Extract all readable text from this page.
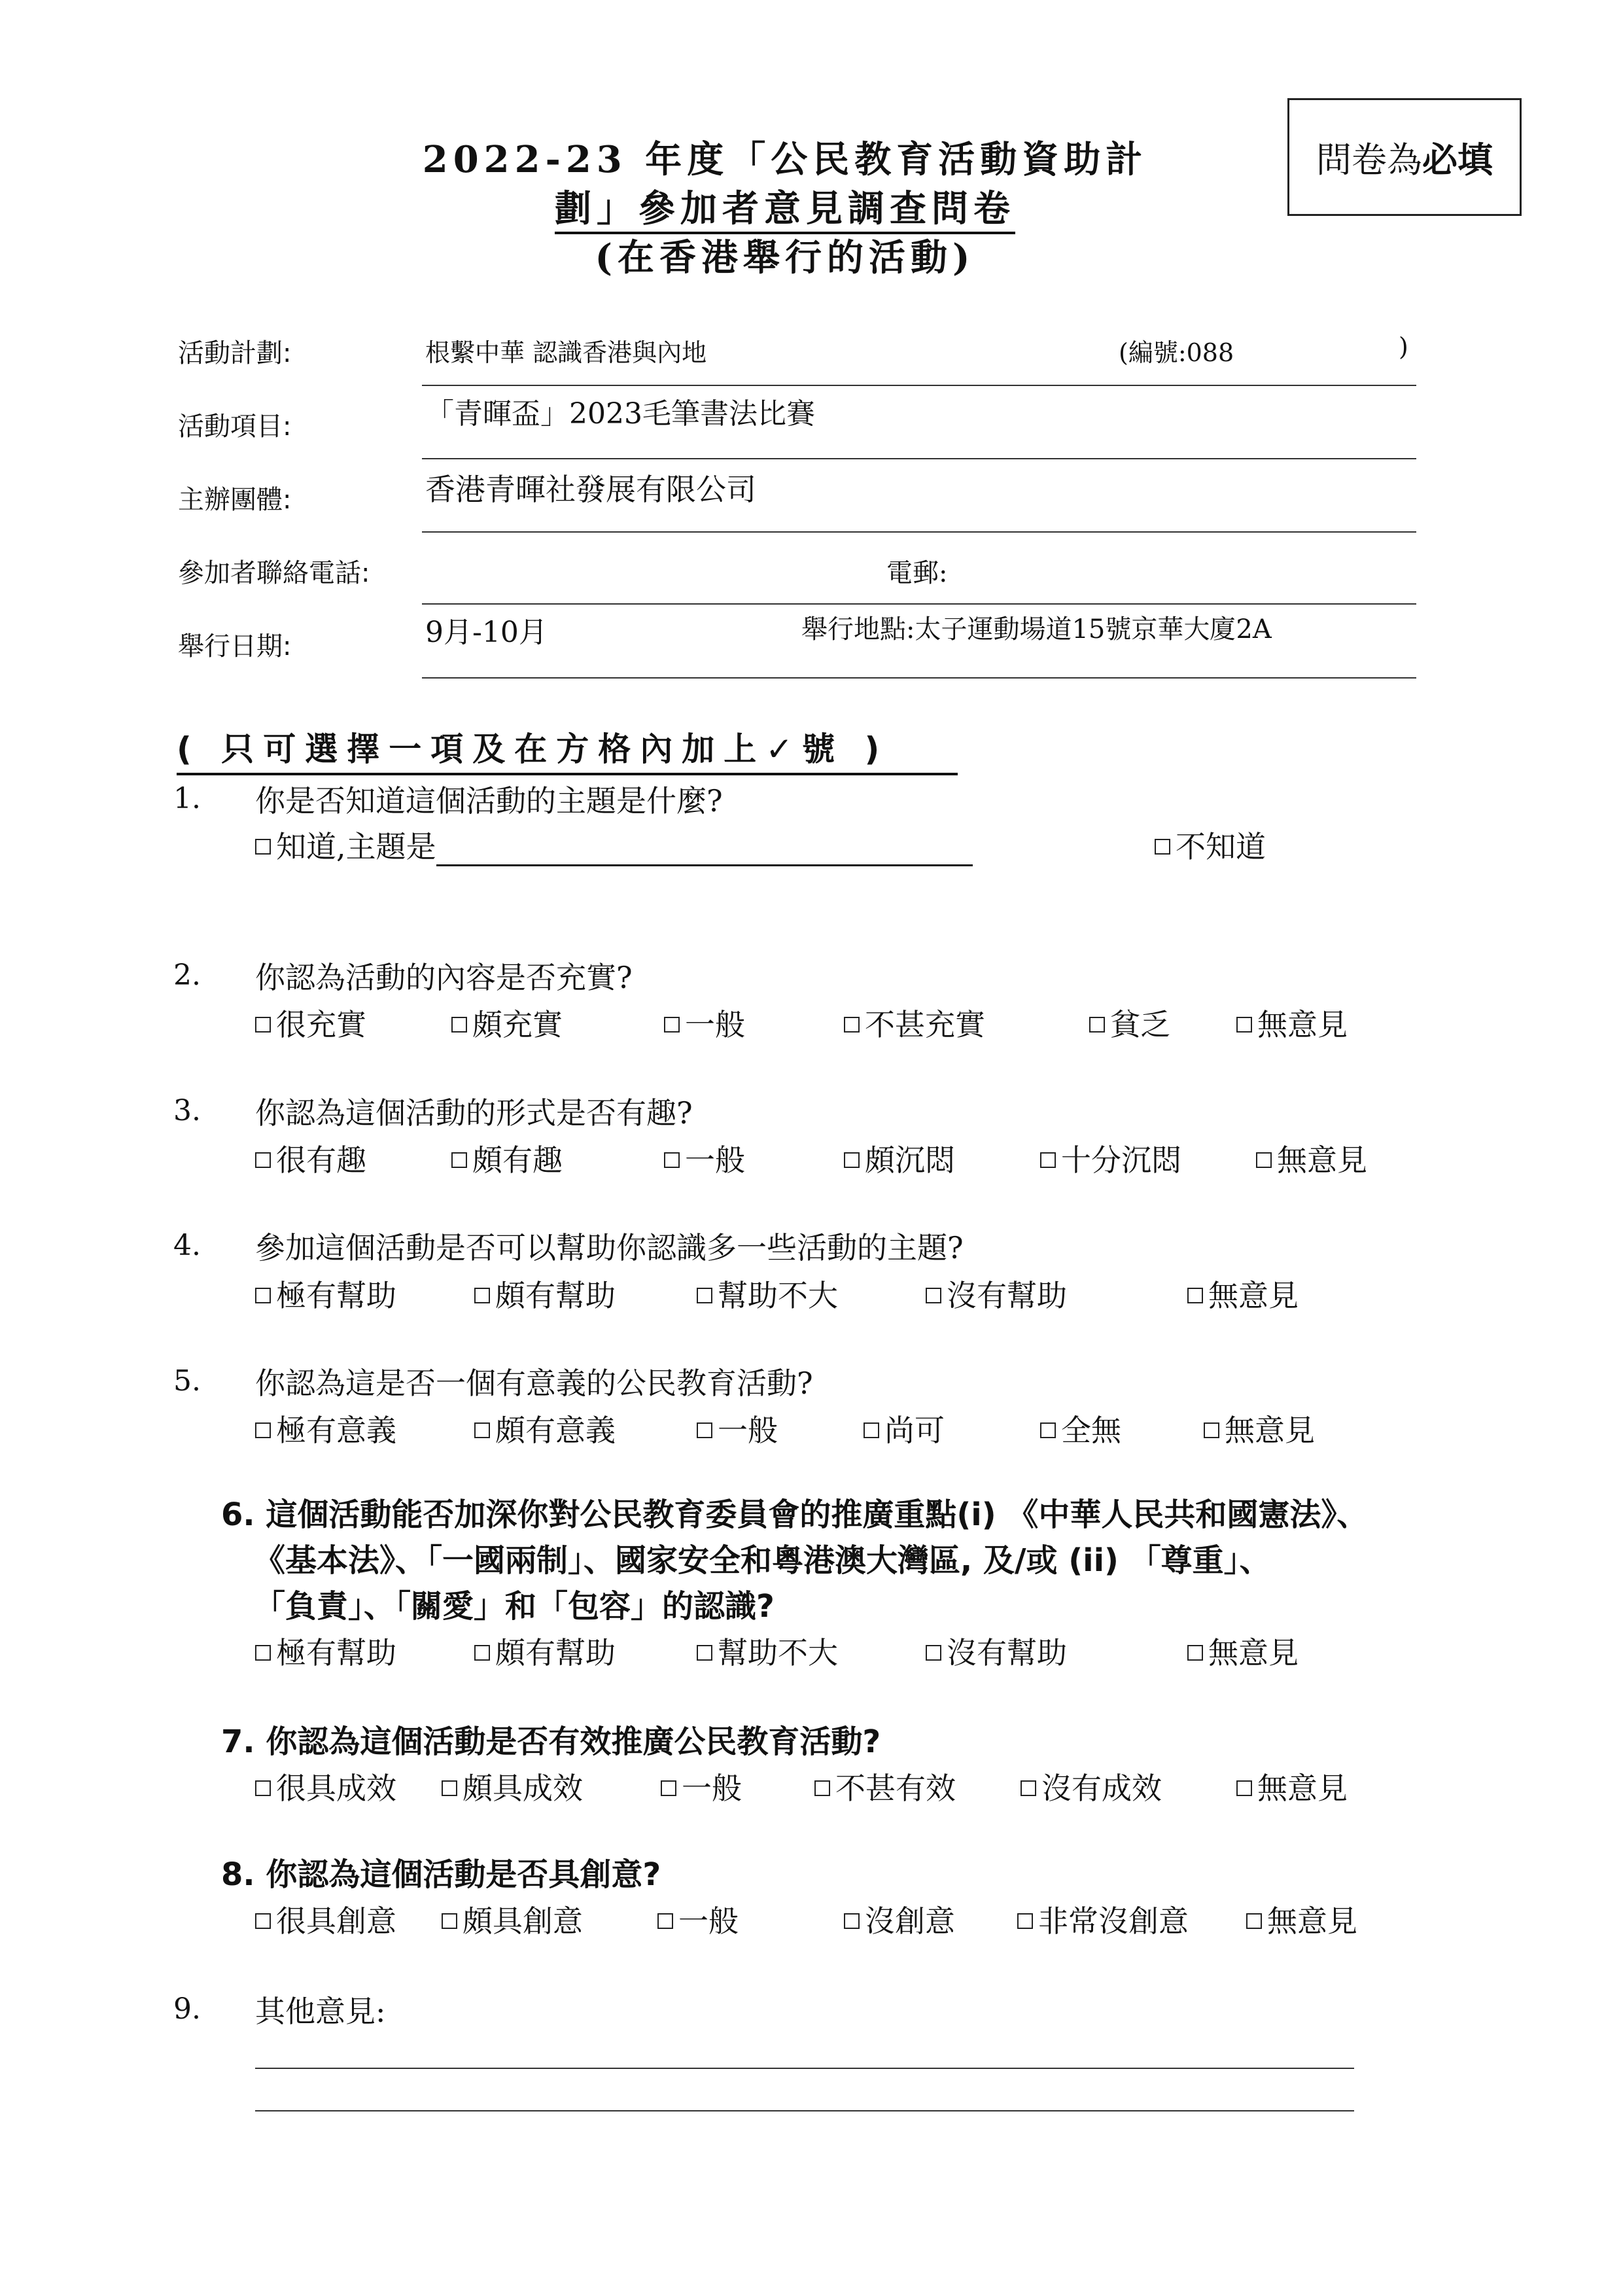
問卷為 必填
2022-23 年度「公民教育活動資助計
劃」參加者意見調查問卷
(在香港舉行的活動)
活動計劃:	根繫中華 認識香港與內地	(編號:088	)
活動項目:	「青暉盃」2023毛筆書法比賽
主辦團體:	香港青暉社發展有限公司
參加者聯絡電話:	電郵:
舉行日期:	9月-10月	舉行地點:太子運動場道15號京華大廈2A
( 只可選擇一項及在方格內加上✓號 )
1. 你是否知道這個活動的主題是什麼?
知道,主題是	不知道
2. 你認為活動的內容是否充實?
很充實	頗充實	一般	不甚充實	貧乏	無意見
3. 你認為這個活動的形式是否有趣?
很有趣	頗有趣	一般	頗沉悶	十分沉悶	無意見
4. 參加這個活動是否可以幫助你認識多一些活動的主題?
極有幫助	頗有幫助	幫助不大	沒有幫助	無意見
5. 你認為這是否一個有意義的公民教育活動?
極有意義	頗有意義	一般	尚可	全無	無意見
6. 這個活動能否加深你對公民教育委員會的推廣重點(i) 《中華人民共和國憲法》、
《基本法》、「一國兩制」、國家安全和粵港澳大灣區, 及/或 (ii) 「尊重」、
「負責」、「關愛」和「包容」的認識?
極有幫助	頗有幫助	幫助不大	沒有幫助	無意見
7. 你認為這個活動是否有效推廣公民教育活動?
很具成效	頗具成效	一般	不甚有效	沒有成效	無意見
8. 你認為這個活動是否具創意?
很具創意	頗具創意	一般	沒創意	非常沒創意	無意見
9. 其他意見:
